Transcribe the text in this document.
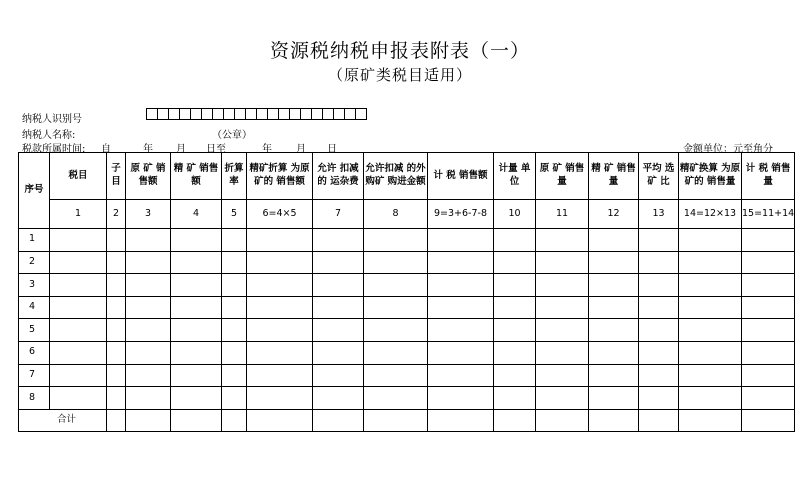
资源税纳税申报表附表（一）
（原矿类税目适用）
纳税人识别号
纳税人名称:	（公章）
税款所属时间: 自	年 月 日至	年 月 日	金额单位：元至角分
序号	税目	子目	原 矿 销售额	精 矿 销售额	折算率	精矿折算 为原矿的 销售额	允许 扣减的 运杂费	允许扣减 的外购矿 购进金额	计 税 销售额	计量 单位	原 矿 销售量	精 矿 销售量	平均 选矿 比	精矿换算 为原矿的 销售量	计 税 销售量
	1	2	3	4	5	6=4×5	7	8	9=3+6-7-8	10	11	12	13	14=12×13	15=11+14
1															
2															
3															
4															
5															
6															
7															
8															
合计															
